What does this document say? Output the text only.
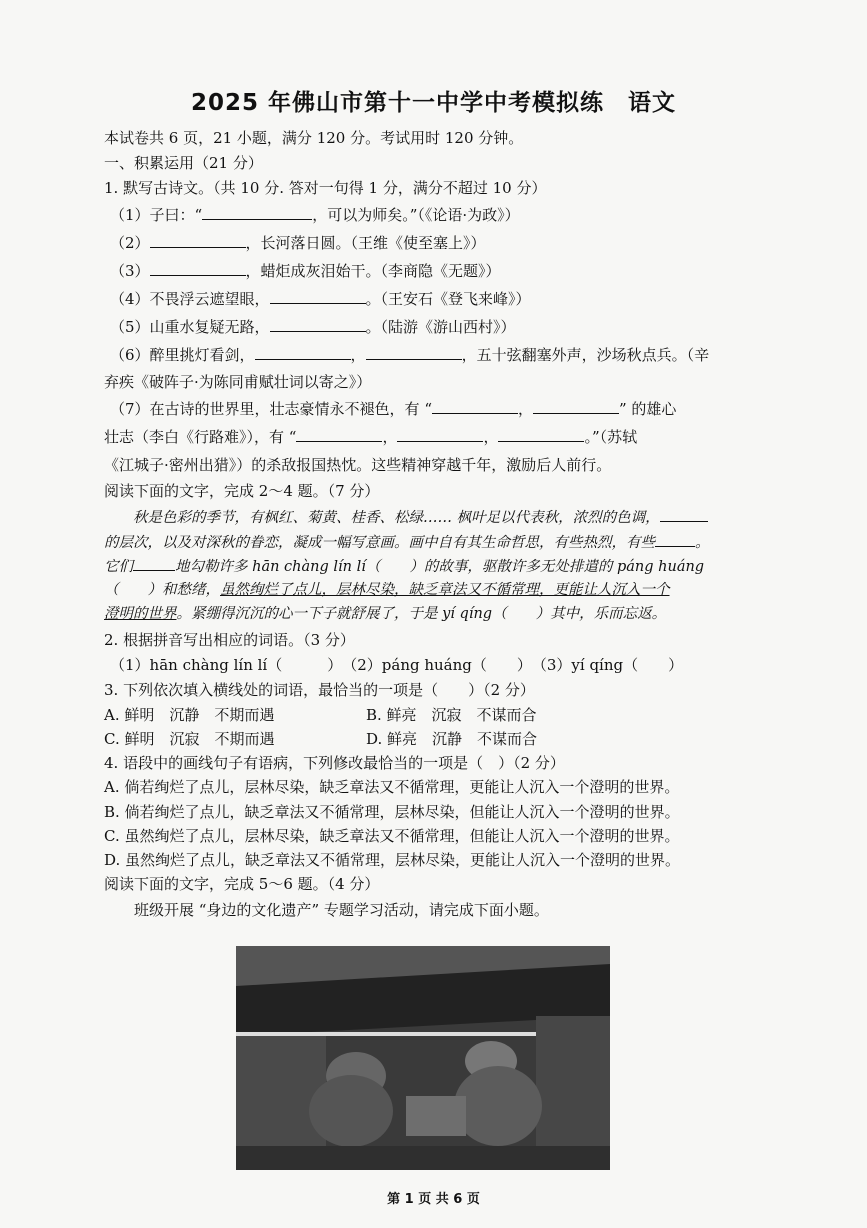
2025 年佛山市第十一中学中考模拟练　语文
本试卷共 6 页，21 小题，满分 120 分。考试用时 120 分钟。
一、积累运用（21 分）
1. 默写古诗文。（共 10 分. 答对一句得 1 分，满分不超过 10 分）
（1）子曰：“	，可以为师矣。”（《论语·为政》）
（2）	，长河落日圆。（王维《使至塞上》）
（3）	，蜡炬成灰泪始干。（李商隐《无题》）
（4）不畏浮云遮望眼，	。（王安石《登飞来峰》）
（5）山重水复疑无路，	。（陆游《游山西村》）
（6）醉里挑灯看剑，	，	，五十弦翻塞外声，沙场秋点兵。（辛
弃疾《破阵子·为陈同甫赋壮词以寄之》）
（7）在古诗的世界里，壮志豪情永不褪色，有 “	，	” 的雄心
壮志（李白《行路难》），有 “	，	，	。”（苏轼
《江城子·密州出猎》）的杀敌报国热忱。这些精神穿越千年，激励后人前行。
阅读下面的文字，完成 2～4 题。（7 分）
　　秋是色彩的季节，有枫红、菊黄、桂香、松绿…… 枫叶足以代表秋，浓烈的色调，
的层次，以及对深秋的眷恋，凝成一幅写意画。画中自有其生命哲思，有些热烈，有些	。
它们	地勾勒许多 hān chàng lín lí（　　）的故事，驱散许多无处排遣的 páng huáng
（　　）和愁绪，虽然绚烂了点儿，层林尽染，缺乏章法又不循常理，更能让人沉入一个
澄明的世界。紧绷得沉沉的心一下子就舒展了，于是 yí qíng（　　）其中，乐而忘返。
2. 根据拼音写出相应的词语。（3 分）
（1）hān chàng lín lí（　　　）　（2）páng huáng（　　）　（3）yí qíng（　　）
3. 下列依次填入横线处的词语，最恰当的一项是（　　）（2 分）
A. 鲜明　沉静　不期而遇	B. 鲜亮　沉寂　不谋而合
C. 鲜明　沉寂　不期而遇	D. 鲜亮　沉静　不谋而合
4. 语段中的画线句子有语病，下列修改最恰当的一项是（　）（2 分）
A. 倘若绚烂了点儿，层林尽染，缺乏章法又不循常理，更能让人沉入一个澄明的世界。
B. 倘若绚烂了点儿，缺乏章法又不循常理，层林尽染，但能让人沉入一个澄明的世界。
C. 虽然绚烂了点儿，层林尽染，缺乏章法又不循常理，但能让人沉入一个澄明的世界。
D. 虽然绚烂了点儿，缺乏章法又不循常理，层林尽染，更能让人沉入一个澄明的世界。
阅读下面的文字，完成 5～6 题。（4 分）
班级开展 “身边的文化遗产” 专题学习活动，请完成下面小题。
第 1 页 共 6 页
